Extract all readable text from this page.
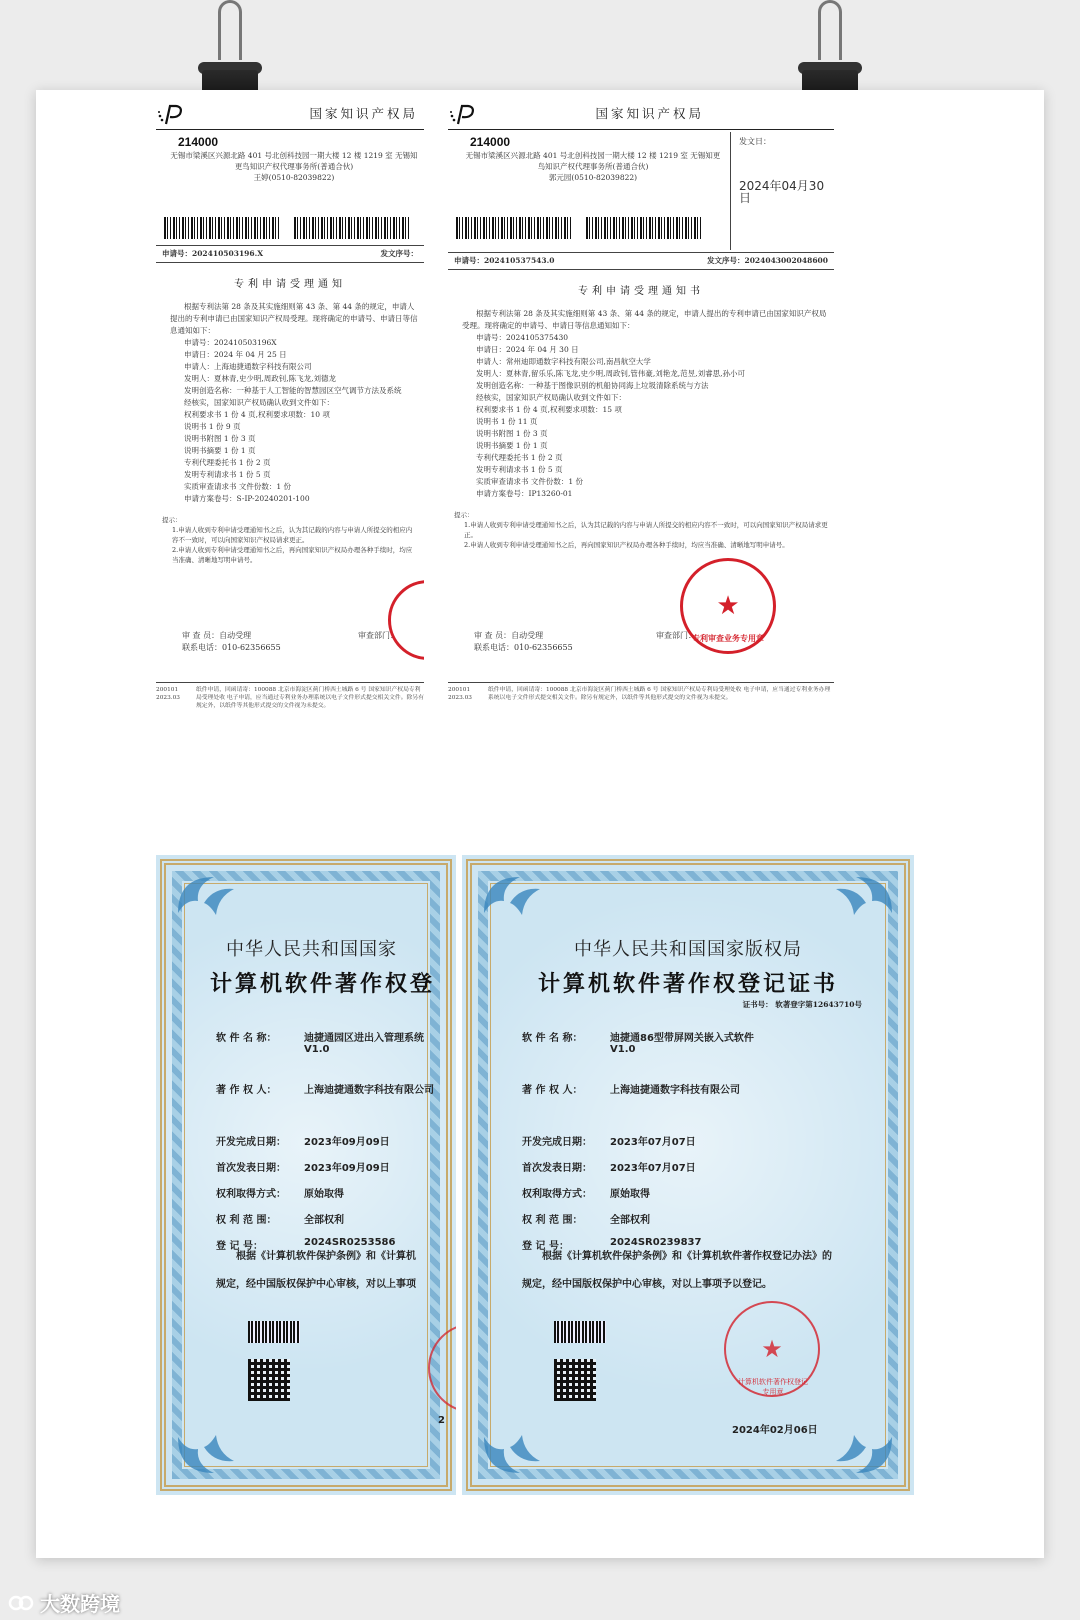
国家知识产权局
214000
无锡市梁溪区兴源北路 401 号北创科技园一期大楼 12 楼 1219 室 无锡知更鸟知识产权代理事务所(普通合伙)
王婷(0510-82039822)
申请号：202410503196.X	发文序号：
专利申请受理通知

根据专利法第 28 条及其实施细则第 43 条、第 44 条的规定，申请人提出的专利申请已由国家知识产权局受理。现将确定的申请号、申请日等信息通知如下：

申请号：202410503196X
申请日：2024 年 04 月 25 日
申请人：上海迪捷通数字科技有限公司
发明人：夏林青,史少明,周政钊,陈飞龙,刘德龙
发明创造名称：一种基于人工智能的智慧园区空气调节方法及系统
经核实，国家知识产权局确认收到文件如下：
权利要求书 1 份 4 页,权利要求项数：10 项
说明书 1 份 9 页
说明书附图 1 份 3 页
说明书摘要 1 份 1 页
专利代理委托书 1 份 2 页
发明专利请求书 1 份 5 页
实质审查请求书 文件份数：1 份
申请方案卷号：S-IP-20240201-100
提示：
1.申请人收到专利申请受理通知书之后，认为其记载的内容与申请人所提交的相应内容不一致时，可以向国家知识产权局请求更正。
2.申请人收到专利申请受理通知书之后，再向国家知识产权局办理各种手续时，均应当准确、清晰地写明申请号。
审 查 员：自动受理
联系电话：010-62356655
审查部门：
200101 2023.03
纸件申请，回函请寄：100088 北京市海淀区蓟门桥西土城路 6 号 国家知识产权局专利局受理处收 电子申请，应当通过专利业务办理系统以电子文件形式提交相关文件。除另有规定外，以纸件等其他形式提交的文件视为未提交。
国家知识产权局
214000
无锡市梁溪区兴源北路 401 号北创科技园一期大楼 12 楼 1219 室 无锡知更鸟知识产权代理事务所(普通合伙)
郭元园(0510-82039822)
发文日：
2024年04月30日
申请号：202410537543.0	发文序号：2024043002048600
专利申请受理通知书

根据专利法第 28 条及其实施细则第 43 条、第 44 条的规定，申请人提出的专利申请已由国家知识产权局受理。现将确定的申请号、申请日等信息通知如下：

申请号：2024105375430
申请日：2024 年 04 月 30 日
申请人：常州迪即通数字科技有限公司,南昌航空大学
发明人：夏林青,留乐乐,陈飞龙,史少明,周政钊,管伟豪,刘艳龙,范昱,刘睿思,孙小可
发明创造名称：一种基于图像识别的机船协同海上垃圾清除系统与方法
经核实，国家知识产权局确认收到文件如下：
权利要求书 1 份 4 页,权利要求项数：15 项
说明书 1 份 11 页
说明书附图 1 份 3 页
说明书摘要 1 份 1 页
专利代理委托书 1 份 2 页
发明专利请求书 1 份 5 页
实质审查请求书 文件份数：1 份
申请方案卷号：IP13260-01
提示：
1.申请人收到专利申请受理通知书之后，认为其记载的内容与申请人所提交的相应内容不一致时，可以向国家知识产权局请求更正。
2.申请人收到专利申请受理通知书之后，再向国家知识产权局办理各种手续时，均应当准确、清晰地写明申请号。
审 查 员：自动受理
联系电话：010-62356655
审查部门：
★
专利审查业务专用章
200101 2023.03
纸件申请，回函请寄：100088 北京市海淀区蓟门桥西土城路 6 号 国家知识产权局专利局受理处收 电子申请，应当通过专利业务办理系统以电子文件形式提交相关文件。除另有规定外，以纸件等其他形式提交的文件视为未提交。
中华人民共和国国家
计算机软件著作权登
软 件 名 称：	迪捷通园区进出入管理系统
V1.0
著 作 权 人：	上海迪捷通数字科技有限公司
开发完成日期： 2023年09月09日
首次发表日期： 2023年09月09日
权利取得方式： 原始取得
权 利 范 围：	全部权利
登 记 号：	2024SR0253586
根据《计算机软件保护条例》和《计算机
规定，经中国版权保护中心审核，对以上事项
2
中华人民共和国国家版权局
计算机软件著作权登记证书
证书号： 软著登字第12643710号
软 件 名 称：	迪捷通86型带屏网关嵌入式软件
V1.0
著 作 权 人：	上海迪捷通数字科技有限公司
开发完成日期： 2023年07月07日
首次发表日期： 2023年07月07日
权利取得方式： 原始取得
权 利 范 围：	全部权利
登 记 号：	2024SR0239837
根据《计算机软件保护条例》和《计算机软件著作权登记办法》的
规定，经中国版权保护中心审核，对以上事项予以登记。
★
计算机软件著作权登记专用章
2024年02月06日
大数跨境
